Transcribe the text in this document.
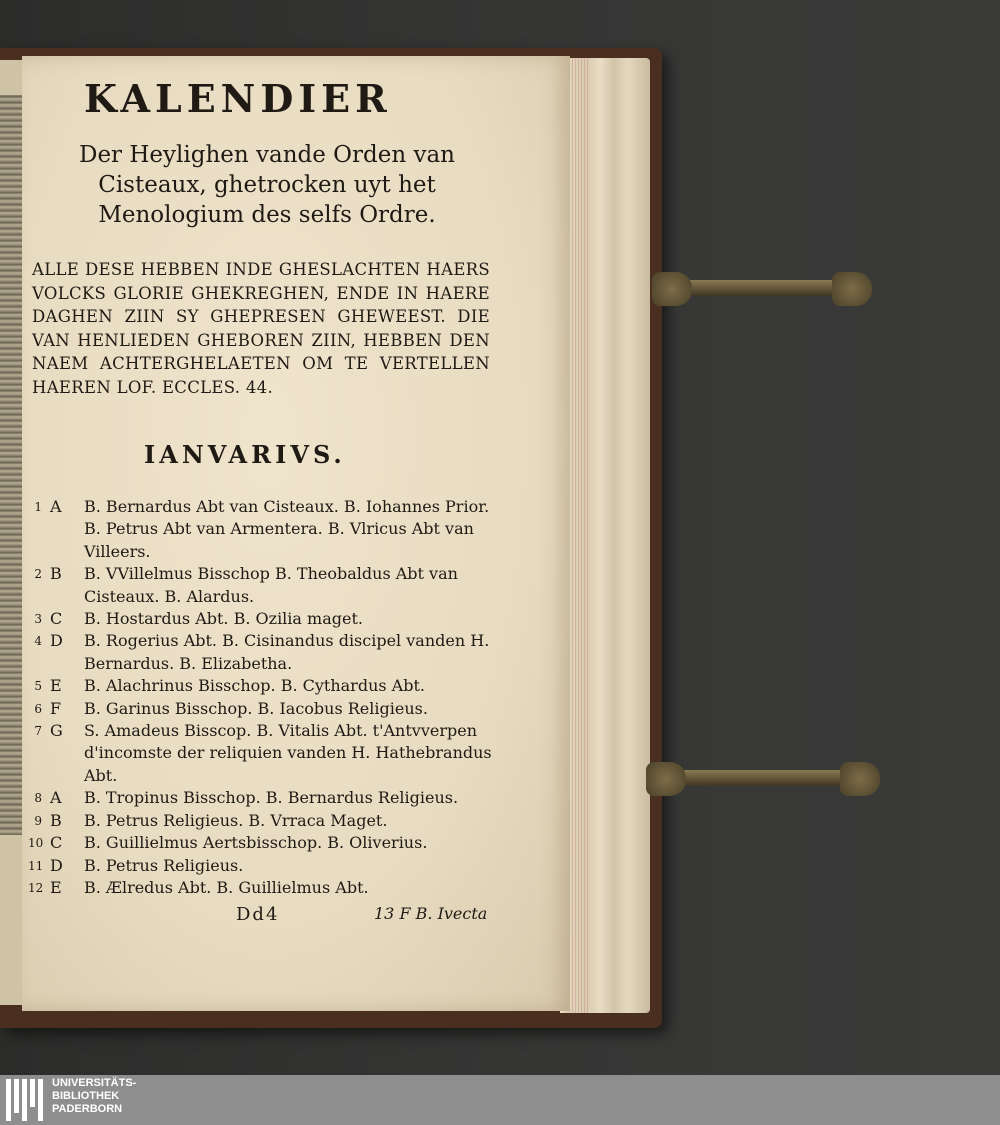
KALENDIER
Der Heylighen vande Orden van Cisteaux, ghetrocken uyt het Menologium des selfs Ordre.
ALLE DESE HEBBEN INDE GHESLACHTEN HAERS VOLCKS GLORIE GHEKREGHEN, ENDE IN HAERE DAGHEN ZIIN SY GHEPRESEN GHEWEEST. DIE VAN HENLIEDEN GHEBOREN ZIIN, HEBBEN DEN NAEM ACHTERGHELAETEN OM TE VERTELLEN HAEREN LOF. ECCLES. 44.
IANVARIVS.
1 A B. Bernardus Abt van Cisteaux. B. Iohannes Prior. B. Petrus Abt van Armentera. B. Vlricus Abt van Villeers.
2 B B. VVillelmus Bisschop B. Theobaldus Abt van Cisteaux. B. Alardus.
3 C B. Hostardus Abt. B. Ozilia maget.
4 D B. Rogerius Abt. B. Cisinandus discipel vanden H. Bernardus. B. Elizabetha.
5 E B. Alachrinus Bisschop. B. Cythardus Abt.
6 F B. Garinus Bisschop. B. Iacobus Religieus.
7 G S. Amadeus Bisscop. B. Vitalis Abt. t'Antvverpen d'incomste der reliquien vanden H. Hathebrandus Abt.
8 A B. Tropinus Bisschop. B. Bernardus Religieus.
9 B B. Petrus Religieus. B. Vrraca Maget.
10 C B. Guillielmus Aertsbisschop. B. Oliverius.
11 D B. Petrus Religieus.
12 E B. Ælredus Abt. B. Guillielmus Abt.
Dd4	13 F B. Ivecta
UNIVERSITÄTS-
BIBLIOTHEK
PADERBORN
